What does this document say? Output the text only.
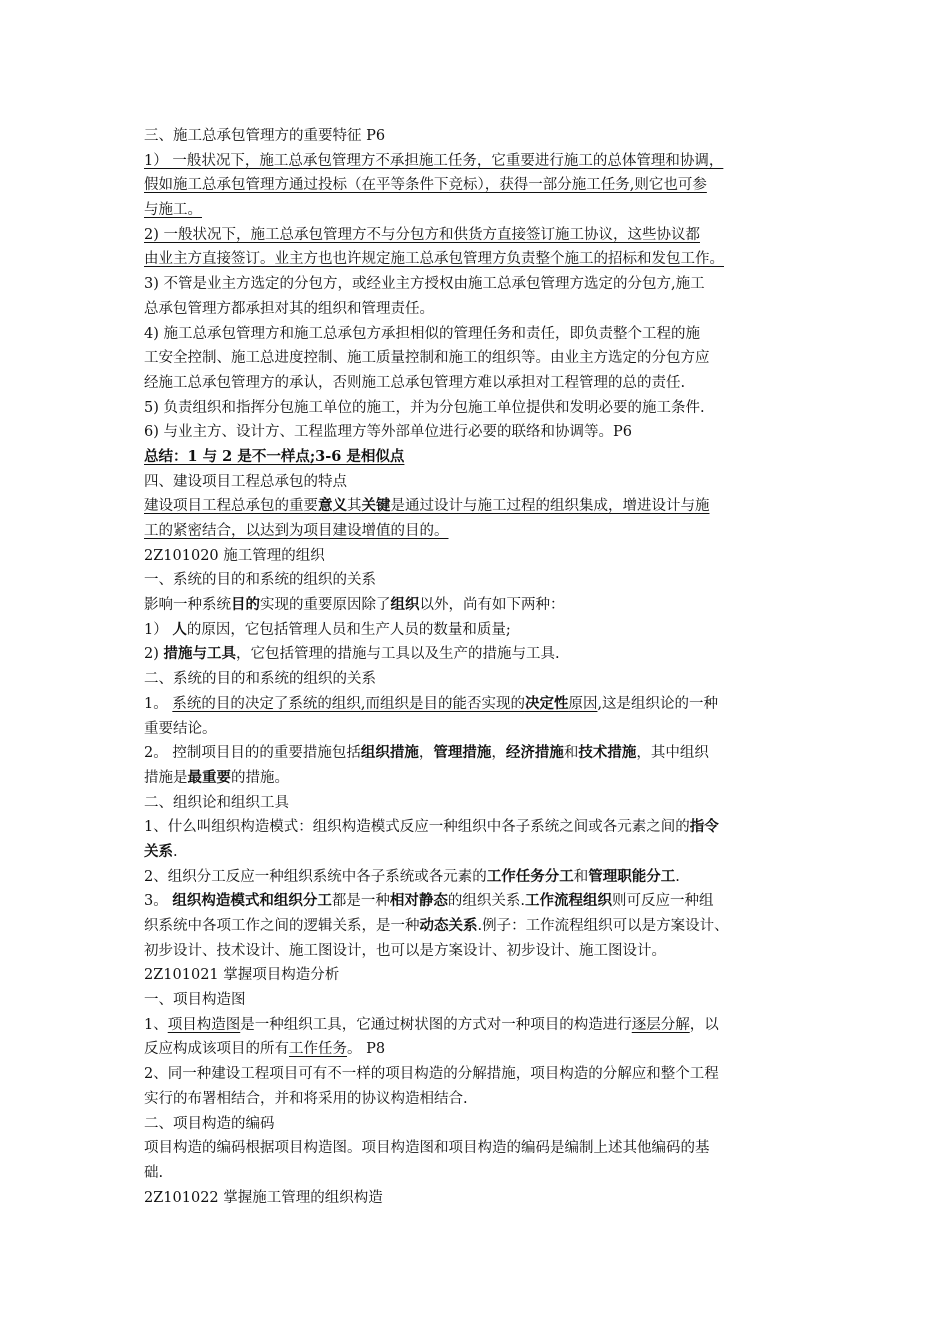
三、施工总承包管理方的重要特征 P6
1） 一般状况下，施工总承包管理方不承担施工任务，它重要进行施工的总体管理和协调，
假如施工总承包管理方通过投标（在平等条件下竞标），获得一部分施工任务,则它也可参
与施工。
2) 一般状况下，施工总承包管理方不与分包方和供货方直接签订施工协议，这些协议都
由业主方直接签订。业主方也也许规定施工总承包管理方负责整个施工的招标和发包工作。
3) 不管是业主方选定的分包方，或经业主方授权由施工总承包管理方选定的分包方,施工
总承包管理方都承担对其的组织和管理责任。
4) 施工总承包管理方和施工总承包方承担相似的管理任务和责任，即负责整个工程的施
工安全控制、施工总进度控制、施工质量控制和施工的组织等。由业主方选定的分包方应
经施工总承包管理方的承认，否则施工总承包管理方难以承担对工程管理的总的责任.
5) 负责组织和指挥分包施工单位的施工，并为分包施工单位提供和发明必要的施工条件.
6) 与业主方、设计方、工程监理方等外部单位进行必要的联络和协调等。P6
总结：1 与 2 是不一样点;3-6 是相似点
四、建设项目工程总承包的特点
建设项目工程总承包的重要意义其关键是通过设计与施工过程的组织集成，增进设计与施
工的紧密结合，以达到为项目建设增值的目的。
2Z101020 施工管理的组织
一、系统的目的和系统的组织的关系
影响一种系统目的实现的重要原因除了组织以外，尚有如下两种：
1） 人的原因，它包括管理人员和生产人员的数量和质量;
2) 措施与工具，它包括管理的措施与工具以及生产的措施与工具.
二、系统的目的和系统的组织的关系
1。 系统的目的决定了系统的组织,而组织是目的能否实现的决定性原因,这是组织论的一种
重要结论。
2。 控制项目目的的重要措施包括组织措施，管理措施，经济措施和技术措施，其中组织
措施是最重要的措施。
二、组织论和组织工具
1、什么叫组织构造模式：组织构造模式反应一种组织中各子系统之间或各元素之间的指令
关系.
2、组织分工反应一种组织系统中各子系统或各元素的工作任务分工和管理职能分工.
3。 组织构造模式和组织分工都是一种相对静态的组织关系.工作流程组织则可反应一种组
织系统中各项工作之间的逻辑关系，是一种动态关系.例子：工作流程组织可以是方案设计、
初步设计、技术设计、施工图设计，也可以是方案设计、初步设计、施工图设计。
2Z101021 掌握项目构造分析
一、项目构造图
1、项目构造图是一种组织工具，它通过树状图的方式对一种项目的构造进行逐层分解，以
反应构成该项目的所有工作任务。 P8
2、同一种建设工程项目可有不一样的项目构造的分解措施，项目构造的分解应和整个工程
实行的布署相结合，并和将采用的协议构造相结合.
二、项目构造的编码
项目构造的编码根据项目构造图。项目构造图和项目构造的编码是编制上述其他编码的基
础.
2Z101022 掌握施工管理的组织构造
